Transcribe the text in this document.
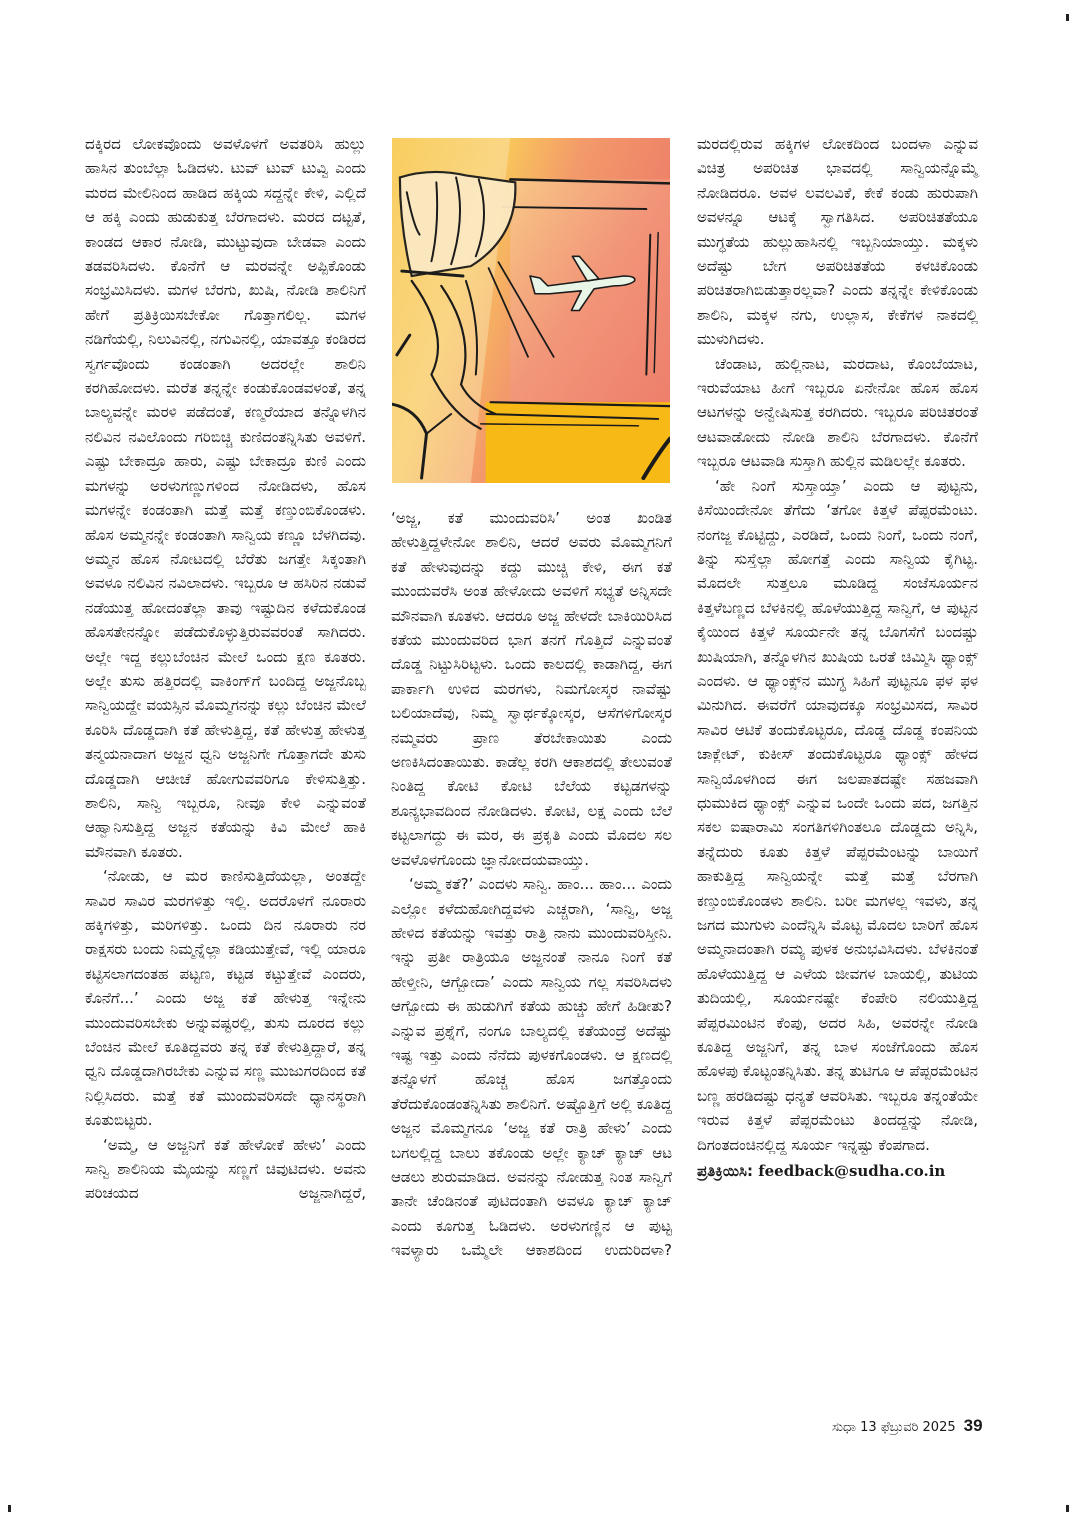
ದಕ್ಕಿರದ ಲೋಕವೊಂದು ಅವಳೊಳಗೆ ಅವತರಿಸಿ ಹುಲ್ಲು ಹಾಸಿನ ತುಂಬೆಲ್ಲಾ ಓಡಿದಳು. ಟುವ್ ಟುವ್ ಟುವ್ವಿ ಎಂದು ಮರದ ಮೇಲಿನಿಂದ ಹಾಡಿದ ಹಕ್ಕಿಯ ಸದ್ದನ್ನೇ ಕೇಳಿ, ಎಲ್ಲಿದೆ ಆ ಹಕ್ಕಿ ಎಂದು ಹುಡುಕುತ್ತ ಬೆರಗಾದಳು. ಮರದ ದಟ್ಟತೆ, ಕಾಂಡದ ಆಕಾರ ನೋಡಿ, ಮುಟ್ಟುವುದಾ ಬೇಡವಾ ಎಂದು ತಡವರಿಸಿದಳು. ಕೊನೆಗೆ ಆ ಮರವನ್ನೇ ಅಪ್ಪಿಕೊಂಡು ಸಂಭ್ರಮಿಸಿದಳು. ಮಗಳ ಬೆರಗು, ಖುಷಿ, ನೋಡಿ ಶಾಲಿನಿಗೆ ಹೇಗೆ ಪ್ರತಿಕ್ರಿಯಿಸಬೇಕೋ ಗೊತ್ತಾಗಲಿಲ್ಲ. ಮಗಳ ನಡಿಗೆಯಲ್ಲಿ, ನಿಲುವಿನಲ್ಲಿ, ನಗುವಿನಲ್ಲಿ, ಯಾವತ್ತೂ ಕಂಡಿರದ ಸ್ವರ್ಗವೊಂದು ಕಂಡಂತಾಗಿ ಅದರಲ್ಲೇ ಶಾಲಿನಿ ಕರಗಿಹೋದಳು. ಮರೆತ ತನ್ನನ್ನೇ ಕಂಡುಕೊಂಡವಳಂತೆ, ತನ್ನ ಬಾಲ್ಯವನ್ನೇ ಮರಳಿ ಪಡೆದಂತೆ, ಕಣ್ಮರೆಯಾದ ತನ್ನೊಳಗಿನ ನಲಿವಿನ ನವಿಲೊಂದು ಗರಿಬಿಚ್ಚಿ ಕುಣಿದಂತನ್ನಿಸಿತು ಅವಳಿಗೆ. ಎಷ್ಟು ಬೇಕಾದ್ರೂ ಹಾರು, ಎಷ್ಟು ಬೇಕಾದ್ರೂ ಕುಣಿ ಎಂದು ಮಗಳನ್ನು ಅರಳುಗಣ್ಣುಗಳಿಂದ ನೋಡಿದಳು, ಹೊಸ ಮಗಳನ್ನೇ ಕಂಡಂತಾಗಿ ಮತ್ತೆ ಮತ್ತೆ ಕಣ್ತುಂಬಿಕೊಂಡಳು. ಹೊಸ ಅಮ್ಮನನ್ನೇ ಕಂಡಂತಾಗಿ ಸಾನ್ವಿಯ ಕಣ್ಣೂ ಬೆಳಗಿದವು. ಅಮ್ಮನ ಹೊಸ ನೋಟದಲ್ಲಿ ಬೆರೆತು ಜಗತ್ತೇ ಸಿಕ್ಕಂತಾಗಿ ಅವಳೂ ನಲಿವಿನ ನವಿಲಾದಳು. ಇಬ್ಬರೂ ಆ ಹಸಿರಿನ ನಡುವೆ ನಡೆಯುತ್ತ ಹೋದಂತೆಲ್ಲಾ ತಾವು ಇಷ್ಟುದಿನ ಕಳೆದುಕೊಂಡ ಹೊಸತೇನನ್ನೋ ಪಡೆದುಕೊಳ್ಳುತ್ತಿರುವವರಂತೆ ಸಾಗಿದರು. ಅಲ್ಲೇ ಇದ್ದ ಕಲ್ಲುಬೆಂಚಿನ ಮೇಲೆ ಒಂದು ಕ್ಷಣ ಕೂತರು. ಅಲ್ಲೇ ತುಸು ಹತ್ತಿರದಲ್ಲಿ ವಾಕಿಂಗ್‌ಗೆ ಬಂದಿದ್ದ ಅಜ್ಜನೊಬ್ಬ ಸಾನ್ವಿಯದ್ದೇ ವಯಸ್ಸಿನ ಮೊಮ್ಮಗನನ್ನು ಕಲ್ಲು ಬೆಂಚಿನ ಮೇಲೆ ಕೂರಿಸಿ ದೊಡ್ಡದಾಗಿ ಕತೆ ಹೇಳುತ್ತಿದ್ದ, ಕತೆ ಹೇಳುತ್ತ ಹೇಳುತ್ತ ತನ್ಮಯನಾದಾಗ ಅಜ್ಜನ ಧ್ವನಿ ಅಜ್ಜನಿಗೇ ಗೊತ್ತಾಗದೇ ತುಸು ದೊಡ್ಡದಾಗಿ ಆಚೀಚೆ ಹೋಗುವವರಿಗೂ ಕೇಳಿಸುತ್ತಿತ್ತು. ಶಾಲಿನಿ, ಸಾನ್ವಿ ಇಬ್ಬರೂ, ನೀವೂ ಕೇಳಿ ಎನ್ನುವಂತೆ ಆಹ್ವಾನಿಸುತ್ತಿದ್ದ ಅಜ್ಜನ ಕತೆಯನ್ನು ಕಿವಿ ಮೇಲೆ ಹಾಕಿ ಮೌನವಾಗಿ ಕೂತರು.

‘ನೋಡು, ಆ ಮರ ಕಾಣಿಸುತ್ತಿದೆಯಲ್ಲಾ, ಅಂತದ್ದೇ ಸಾವಿರ ಸಾವಿರ ಮರಗಳಿತ್ತು ಇಲ್ಲಿ. ಅದರೊಳಗೆ ನೂರಾರು ಹಕ್ಕಿಗಳಿತ್ತು, ಮರಿಗಳಿತ್ತು. ಒಂದು ದಿನ ನೂರಾರು ನರ ರಾಕ್ಷಸರು ಬಂದು ನಿಮ್ಮನ್ನೆಲ್ಲಾ ಕಡಿಯುತ್ತೇವೆ, ಇಲ್ಲಿ ಯಾರೂ ಕಟ್ಟಿಸಲಾಗದಂತಹ ಪಟ್ಟಣ, ಕಟ್ಟಡ ಕಟ್ಟುತ್ತೇವೆ ಎಂದರು, ಕೊನೆಗೆ...’ ಎಂದು ಅಜ್ಜ ಕತೆ ಹೇಳುತ್ತ ಇನ್ನೇನು ಮುಂದುವರಿಸಬೇಕು ಅನ್ನುವಷ್ಟರಲ್ಲಿ, ತುಸು ದೂರದ ಕಲ್ಲು ಬೆಂಚಿನ ಮೇಲೆ ಕೂತಿದ್ದವರು ತನ್ನ ಕತೆ ಕೇಳುತ್ತಿದ್ದಾರೆ, ತನ್ನ ಧ್ವನಿ ದೊಡ್ಡದಾಗಿರಬೇಕು ಎನ್ನುವ ಸಣ್ಣ ಮುಜುಗರದಿಂದ ಕತೆ ನಿಲ್ಲಿಸಿದರು. ಮತ್ತೆ ಕತೆ ಮುಂದುವರಿಸದೇ ಧ್ಯಾನಸ್ಥರಾಗಿ ಕೂತುಬಿಟ್ಟರು.

‘ಅಮ್ಮ, ಆ ಅಜ್ಜನಿಗೆ ಕತೆ ಹೇಳೋಕೆ ಹೇಳು’ ಎಂದು ಸಾನ್ವಿ ಶಾಲಿನಿಯ ಮೈಯನ್ನು ಸಣ್ಣಗೆ ಚಿವುಟಿದಳು. ಅವನು ಪರಿಚಯದ ಅಜ್ಜನಾಗಿದ್ದರೆ,

‘ಅಜ್ಜ, ಕತೆ ಮುಂದುವರಿಸಿ’ ಅಂತ ಖಂಡಿತ ಹೇಳುತ್ತಿದ್ದಳೇನೋ ಶಾಲಿನಿ, ಆದರೆ ಅವರು ಮೊಮ್ಮಗನಿಗೆ ಕತೆ ಹೇಳುವುದನ್ನು ಕದ್ದು ಮುಚ್ಚಿ ಕೇಳಿ, ಈಗ ಕತೆ ಮುಂದುವರೆಸಿ ಅಂತ ಹೇಳೋದು ಅವಳಿಗೆ ಸಭ್ಯತೆ ಅನ್ನಿಸದೇ ಮೌನವಾಗಿ ಕೂತಳು. ಆದರೂ ಅಜ್ಜ ಹೇಳದೇ ಬಾಕಿಯಿರಿಸಿದ ಕತೆಯ ಮುಂದುವರಿದ ಭಾಗ ತನಗೆ ಗೊತ್ತಿದೆ ಎನ್ನುವಂತೆ ದೊಡ್ಡ ನಿಟ್ಟುಸಿರಿಟ್ಟಳು. ಒಂದು ಕಾಲದಲ್ಲಿ ಕಾಡಾಗಿದ್ದ, ಈಗ ಪಾರ್ಕಾಗಿ ಉಳಿದ ಮರಗಳು, ನಿಮಗೋಸ್ಕರ ನಾವೆಷ್ಟು ಬಲಿಯಾದೆವು, ನಿಮ್ಮ ಸ್ವಾರ್ಥಕ್ಕೋಸ್ಕರ, ಆಸೆಗಳಿಗೋಸ್ಕರ ನಮ್ಮವರು ಪ್ರಾಣ ತೆರಬೇಕಾಯಿತು ಎಂದು ಅಣಕಿಸಿದಂತಾಯಿತು. ಕಾಡೆಲ್ಲ ಕರಗಿ ಆಕಾಶದಲ್ಲಿ ತೇಲುವಂತೆ ನಿಂತಿದ್ದ ಕೋಟಿ ಕೋಟಿ ಬೆಲೆಯ ಕಟ್ಟಡಗಳನ್ನು ಶೂನ್ಯಭಾವದಿಂದ ನೋಡಿದಳು. ಕೋಟಿ, ಲಕ್ಷ ಎಂದು ಬೆಲೆ ಕಟ್ಟಲಾಗದ್ದು ಈ ಮರ, ಈ ಪ್ರಕೃತಿ ಎಂದು ಮೊದಲ ಸಲ ಅವಳೊಳಗೊಂದು ಜ್ಞಾನೋದಯವಾಯ್ತು.

‘ಅಮ್ಮ ಕತೆ?’ ಎಂದಳು ಸಾನ್ವಿ. ಹಾಂ... ಹಾಂ... ಎಂದು ಎಲ್ಲೋ ಕಳೆದುಹೋಗಿದ್ದವಳು ಎಚ್ಚರಾಗಿ, ‘ಸಾನ್ವಿ, ಅಜ್ಜ ಹೇಳಿದ ಕತೆಯನ್ನು ಇವತ್ತು ರಾತ್ರಿ ನಾನು ಮುಂದುವರಿಸ್ತೀನಿ. ಇನ್ನು ಪ್ರತೀ ರಾತ್ರಿಯೂ ಅಜ್ಜನಂತೆ ನಾನೂ ನಿಂಗೆ ಕತೆ ಹೇಳ್ತೀನಿ, ಆಗ್ಬೋದಾ’ ಎಂದು ಸಾನ್ವಿಯ ಗಲ್ಲ ಸವರಿಸಿದಳು ಆಗ್ಬೋದು ಈ ಹುಡುಗಿಗೆ ಕತೆಯ ಹುಚ್ಚು ಹೇಗೆ ಹಿಡೀತು? ಎನ್ನುವ ಪ್ರಶ್ನೆಗೆ, ನಂಗೂ ಬಾಲ್ಯದಲ್ಲಿ ಕತೆಯಂದ್ರೆ ಅದೆಷ್ಟು ಇಷ್ಟ ಇತ್ತು ಎಂದು ನೆನೆದು ಪುಳಕಗೊಂಡಳು. ಆ ಕ್ಷಣದಲ್ಲಿ ತನ್ನೊಳಗೆ ಹೊಚ್ಚ ಹೊಸ ಜಗತ್ತೊಂದು ತೆರೆದುಕೊಂಡಂತನ್ನಿಸಿತು ಶಾಲಿನಿಗೆ. ಅಷ್ಟೊತ್ತಿಗೆ ಅಲ್ಲಿ ಕೂತಿದ್ದ ಅಜ್ಜನ ಮೊಮ್ಮಗನೂ ‘ಅಜ್ಜ ಕತೆ ರಾತ್ರಿ ಹೇಳು’ ಎಂದು ಬಗಲಲ್ಲಿದ್ದ ಬಾಲು ತಕೊಂಡು ಅಲ್ಲೇ ಕ್ಯಾಚ್ ಕ್ಯಾಚ್ ಆಟ ಆಡಲು ಶುರುಮಾಡಿದ. ಅವನನ್ನು ನೋಡುತ್ತ ನಿಂತ ಸಾನ್ವಿಗೆ ತಾನೇ ಚೆಂಡಿನಂತೆ ಪುಟಿದಂತಾಗಿ ಅವಳೂ ಕ್ಯಾಚ್ ಕ್ಯಾಚ್ ಎಂದು ಕೂಗುತ್ತ ಓಡಿದಳು. ಅರಳುಗಣ್ಣಿನ ಆ ಪುಟ್ಟ ಇವಳ್ಯಾರು ಒಮ್ಮೆಲೇ ಆಕಾಶದಿಂದ ಉದುರಿದಳಾ?

ಮರದಲ್ಲಿರುವ ಹಕ್ಕಿಗಳ ಲೋಕದಿಂದ ಬಂದಳಾ ಎನ್ನುವ ವಿಚಿತ್ರ ಅಪರಿಚಿತ ಭಾವದಲ್ಲಿ ಸಾನ್ವಿಯನ್ನೊಮ್ಮೆ ನೋಡಿದರೂ. ಅವಳ ಲವಲವಿಕೆ, ಕೇಕೆ ಕಂಡು ಹುರುಪಾಗಿ ಅವಳನ್ನೂ ಆಟಕ್ಕೆ ಸ್ವಾಗತಿಸಿದ. ಅಪರಿಚಿತತೆಯೂ ಮುಗ್ಧತೆಯ ಹುಲ್ಲುಹಾಸಿನಲ್ಲಿ ಇಬ್ಬನಿಯಾಯ್ತು. ಮಕ್ಕಳು ಅದೆಷ್ಟು ಬೇಗ ಅಪರಿಚಿತತೆಯ ಕಳಚಿಕೊಂಡು ಪರಿಚಿತರಾಗಿಬಿಡುತ್ತಾರಲ್ಲವಾ? ಎಂದು ತನ್ನನ್ನೇ ಕೇಳಿಕೊಂಡು ಶಾಲಿನಿ, ಮಕ್ಕಳ ನಗು, ಉಲ್ಲಾಸ, ಕೇಕೆಗಳ ನಾಕದಲ್ಲಿ ಮುಳುಗಿದಳು.

ಚೆಂಡಾಟ, ಹುಲ್ಲಿನಾಟ, ಮರದಾಟ, ಕೊಂಬೆಯಾಟ, ಇರುವೆಯಾಟ ಹೀಗೆ ಇಬ್ಬರೂ ಏನೇನೋ ಹೊಸ ಹೊಸ ಆಟಗಳನ್ನು ಅನ್ವೇಷಿಸುತ್ತ ಕರಗಿದರು. ಇಬ್ಬರೂ ಪರಿಚಿತರಂತೆ ಆಟವಾಡೋದು ನೋಡಿ ಶಾಲಿನಿ ಬೆರಗಾದಳು. ಕೊನೆಗೆ ಇಬ್ಬರೂ ಆಟವಾಡಿ ಸುಸ್ತಾಗಿ ಹುಲ್ಲಿನ ಮಡಿಲಲ್ಲೇ ಕೂತರು.

‘ಹೇ ನಿಂಗೆ ಸುಸ್ತಾಯ್ತಾ’ ಎಂದು ಆ ಪುಟ್ಟನು, ಕಿಸೆಯಿಂದೇನೋ ತೆಗೆದು ‘ತಗೋ ಕಿತ್ತಳೆ ಪೆಪ್ಪರಮೆಂಟು. ನಂಗಜ್ಜ ಕೊಟ್ಟಿದ್ದು, ಎರಡಿದೆ, ಒಂದು ನಿಂಗೆ, ಒಂದು ನಂಗೆ, ತಿನ್ನು ಸುಸ್ತೆಲ್ಲಾ ಹೋಗತ್ತೆ ಎಂದು ಸಾನ್ವಿಯ ಕೈಗಿಟ್ಟ. ಮೊದಲೇ ಸುತ್ತಲೂ ಮೂಡಿದ್ದ ಸಂಜೆಸೂರ್ಯನ ಕಿತ್ತಳೆಬಣ್ಣದ ಬೆಳಕಿನಲ್ಲಿ ಹೊಳೆಯುತ್ತಿದ್ದ ಸಾನ್ವಿಗೆ, ಆ ಪುಟ್ಟನ ಕೈಯಿಂದ ಕಿತ್ತಳೆ ಸೂರ್ಯನೇ ತನ್ನ ಬೊಗಸೆಗೆ ಬಂದಷ್ಟು ಖುಷಿಯಾಗಿ, ತನ್ನೊಳಗಿನ ಖುಷಿಯ ಒರತೆ ಚಿಮ್ಮಿಸಿ ಥ್ಯಾಂಕ್ಸ್ ಎಂದಳು. ಆ ಥ್ಯಾಂಕ್ಸ್‌ನ ಮುಗ್ಧ ಸಿಹಿಗೆ ಪುಟ್ಟನೂ ಫಳ ಫಳ ಮಿನುಗಿದ. ಈವರೆಗೆ ಯಾವುದಕ್ಕೂ ಸಂಭ್ರಮಿಸದ, ಸಾವಿರ ಸಾವಿರ ಆಟಿಕೆ ತಂದುಕೊಟ್ಟರೂ, ದೊಡ್ಡ ದೊಡ್ಡ ಕಂಪನಿಯ ಚಾಕ್ಲೇಟ್, ಕುಕೀಸ್ ತಂದುಕೊಟ್ಟರೂ ಥ್ಯಾಂಕ್ಸ್ ಹೇಳದ ಸಾನ್ವಿಯೊಳಗಿಂದ ಈಗ ಜಲಪಾತದಷ್ಟೇ ಸಹಜವಾಗಿ ಧುಮುಕಿದ ಥ್ಯಾಂಕ್ಸ್ ಎನ್ನುವ ಒಂದೇ ಒಂದು ಪದ, ಜಗತ್ತಿನ ಸಕಲ ಐಷಾರಾಮಿ ಸಂಗತಿಗಳಿಗಿಂತಲೂ ದೊಡ್ಡದು ಅನ್ನಿಸಿ, ತನ್ನೆದುರು ಕೂತು ಕಿತ್ತಳೆ ಪೆಪ್ಪರಮೆಂಟನ್ನು ಬಾಯಿಗೆ ಹಾಕುತ್ತಿದ್ದ ಸಾನ್ವಿಯನ್ನೇ ಮತ್ತೆ ಮತ್ತೆ ಬೆರಗಾಗಿ ಕಣ್ತುಂಬಿಕೊಂಡಳು ಶಾಲಿನಿ. ಬರೀ ಮಗಳಲ್ಲ ಇವಳು, ತನ್ನ ಜಗದ ಮುಗುಳು ಎಂದೆನ್ನಿಸಿ ಮೊಟ್ಟ ಮೊದಲ ಬಾರಿಗೆ ಹೊಸ ಅಮ್ಮನಾದಂತಾಗಿ ರಮ್ಯ ಪುಳಕ ಅನುಭವಿಸಿದಳು. ಬೆಳಕಿನಂತೆ ಹೊಳೆಯುತ್ತಿದ್ದ ಆ ಎಳೆಯ ಜೀವಗಳ ಬಾಯಲ್ಲಿ, ತುಟಿಯ ತುದಿಯಲ್ಲಿ, ಸೂರ್ಯನಷ್ಟೇ ಕೆಂಪೇರಿ ನಲಿಯುತ್ತಿದ್ದ ಪೆಪ್ಪರಮಿಂಟಿನ ಕೆಂಪು, ಅದರ ಸಿಹಿ, ಅವರನ್ನೇ ನೋಡಿ ಕೂತಿದ್ದ ಅಜ್ಜನಿಗೆ, ತನ್ನ ಬಾಳ ಸಂಜೆಗೊಂದು ಹೊಸ ಹೊಳಪು ಕೊಟ್ಟಂತನ್ನಿಸಿತು. ತನ್ನ ತುಟಿಗೂ ಆ ಪೆಪ್ಪರಮೆಂಟಿನ ಬಣ್ಣ ಹರಡಿದಷ್ಟು ಧನ್ಯತೆ ಆವರಿಸಿತು. ಇಬ್ಬರೂ ತನ್ನಂತೆಯೇ ಇರುವ ಕಿತ್ತಳೆ ಪೆಪ್ಪರಮೆಂಟು ತಿಂದದ್ದನ್ನು ನೋಡಿ, ದಿಗಂತದಂಚಿನಲ್ಲಿದ್ದ ಸೂರ್ಯ ಇನ್ನಷ್ಟು ಕೆಂಪಗಾದ.

ಪ್ರತಿಕ್ರಿಯಿಸಿ: feedback@sudha.co.in

ಸುಧಾ 13 ಫೆಬ್ರುವರಿ 2025 39
